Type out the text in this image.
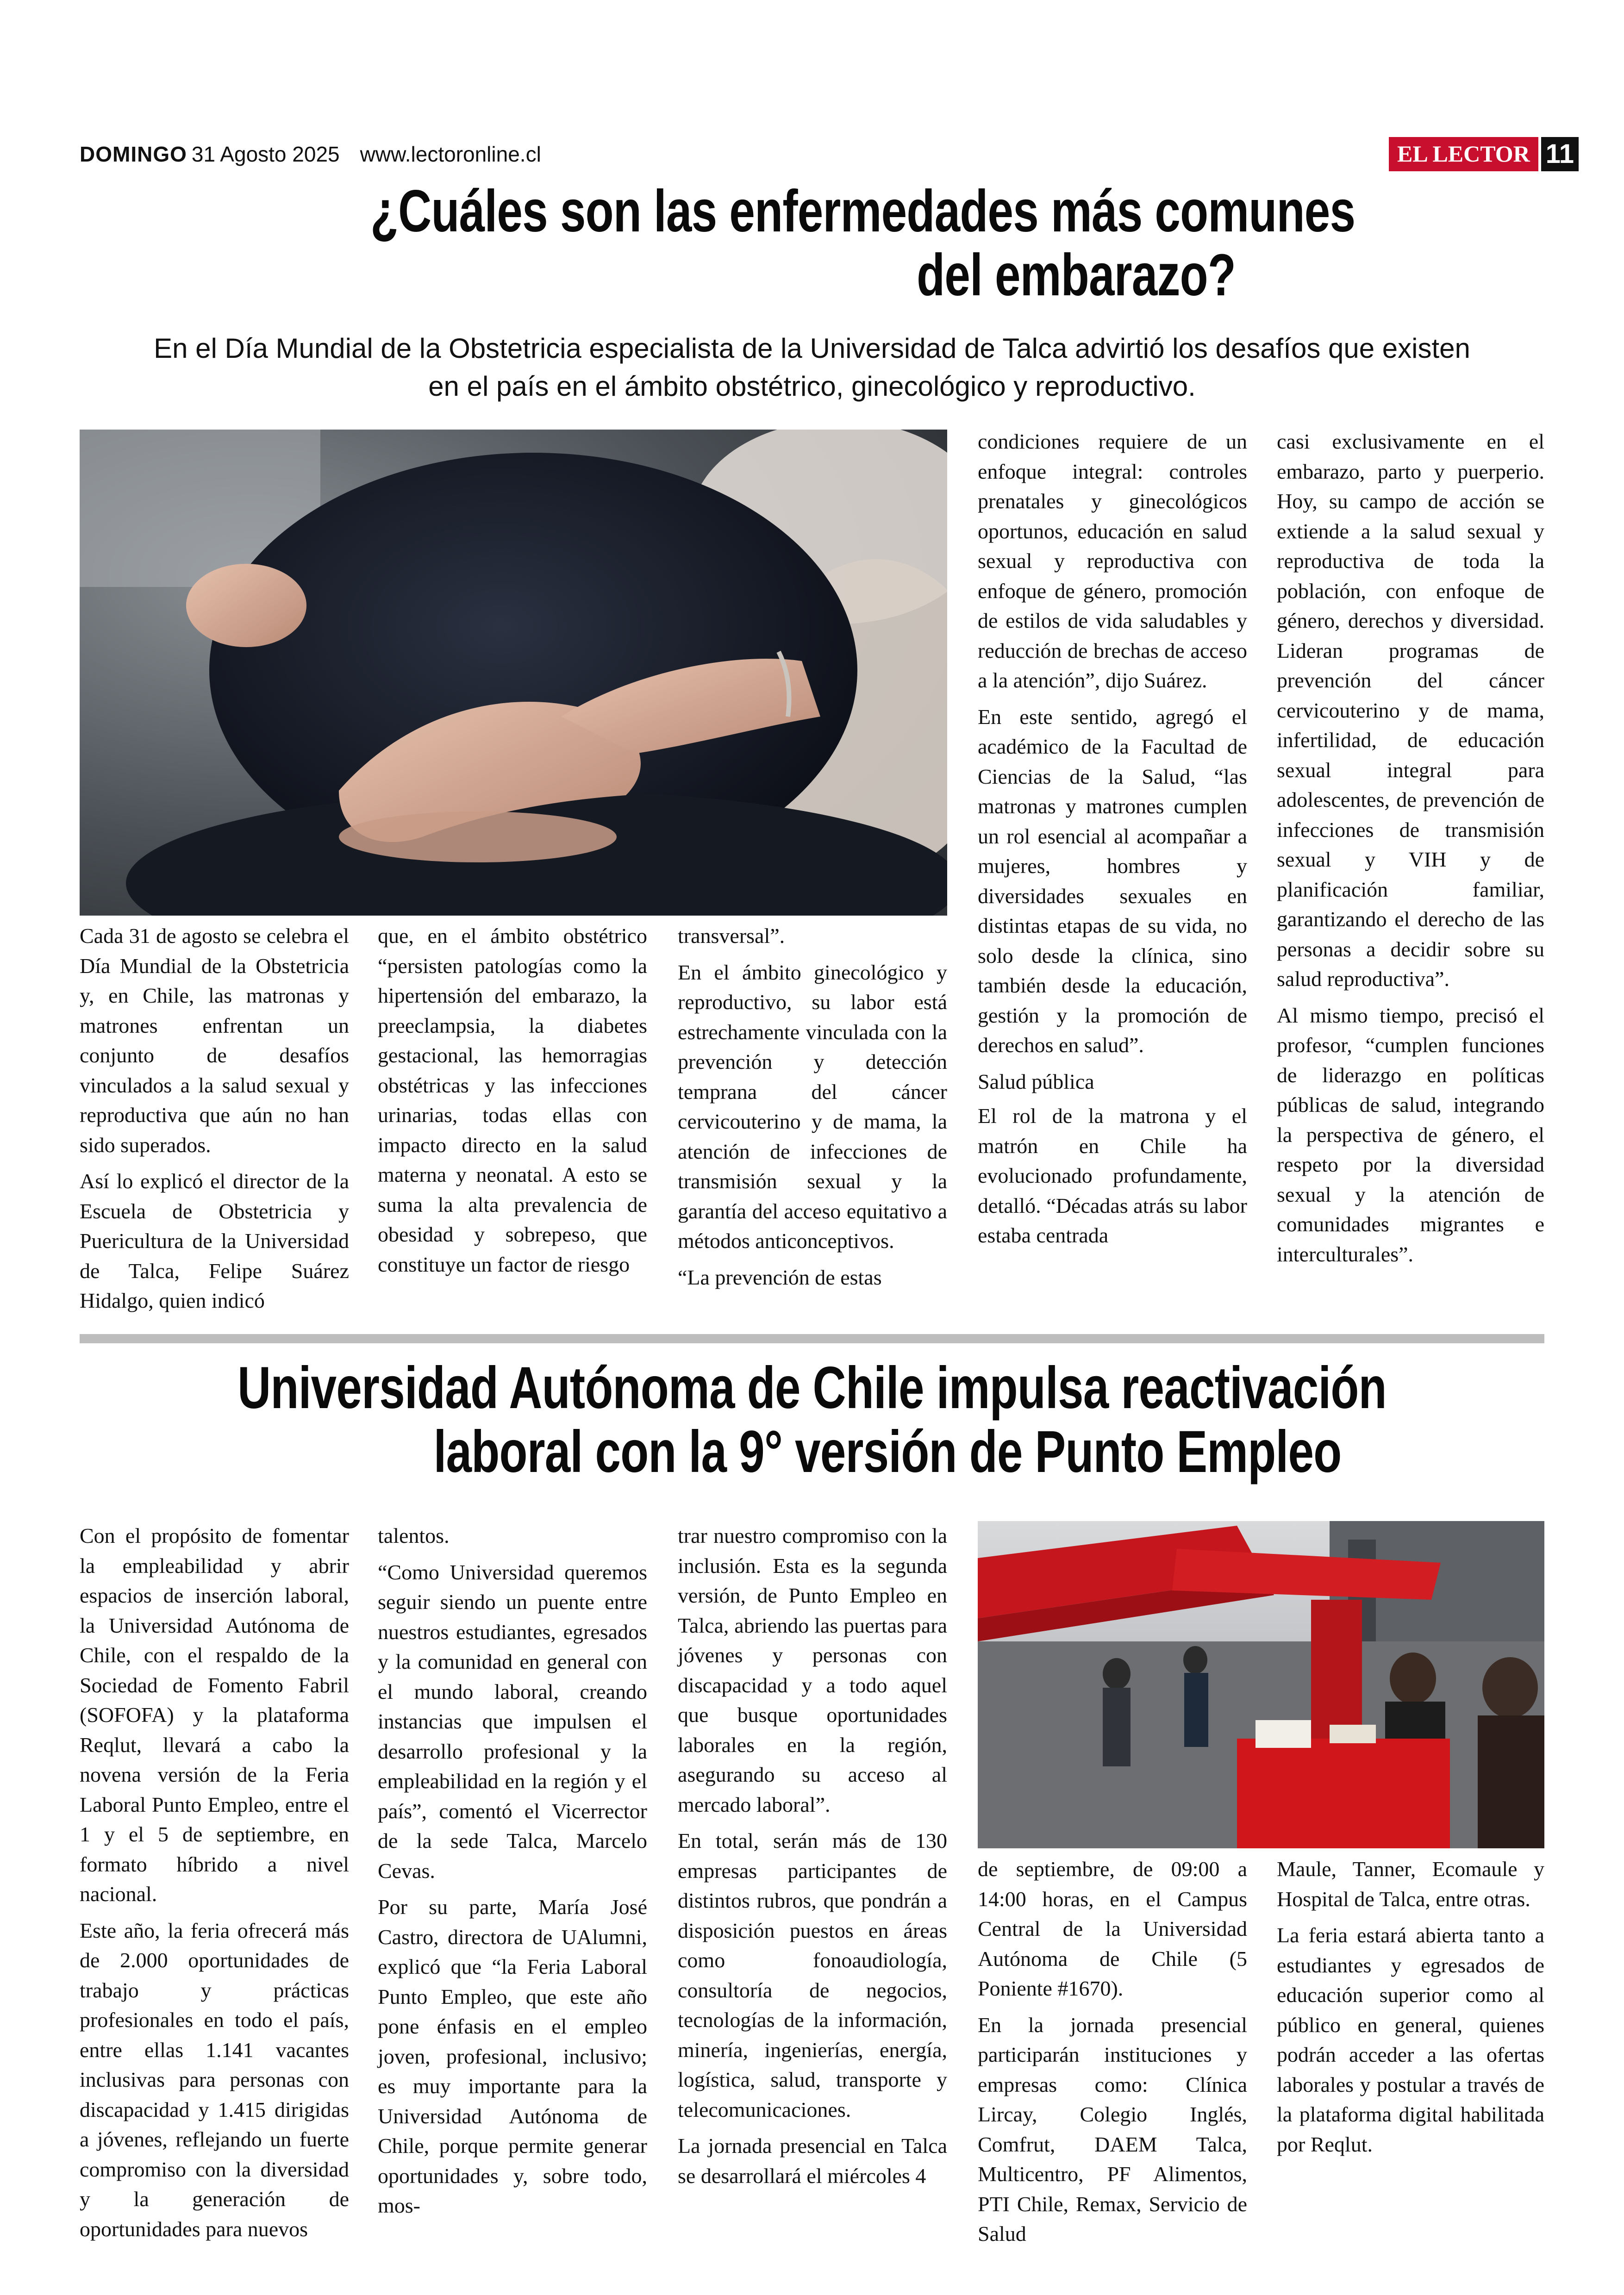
DOMINGO 31 Agosto 2025 www.lectoronline.cl	EL LECTOR 11
¿Cuáles son las enfermedades más comunes del embarazo?
En el Día Mundial de la Obstetricia especialista de la Universidad de Talca advirtió los desafíos que existen
en el país en el ámbito obstétrico, ginecológico y reproductivo.

Cada 31 de agosto se celebra el Día Mundial de la Obstetricia y, en Chile, las matronas y matrones enfrentan un conjunto de desafíos vinculados a la salud sexual y reproductiva que aún no han sido superados.

Así lo explicó el director de la Escuela de Obstetricia y Puericultura de la Universidad de Talca, Felipe Suárez Hidalgo, quien indicó

que, en el ámbito obstétrico “persisten patologías como la hipertensión del embarazo, la preeclampsia, la diabetes gestacional, las hemorragias obstétricas y las infecciones urinarias, todas ellas con impacto directo en la salud materna y neonatal. A esto se suma la alta prevalencia de obesidad y sobrepeso, que constituye un factor de riesgo

transversal”.

En el ámbito ginecológico y reproductivo, su labor está estrechamente vinculada con la prevención y detección temprana del cáncer cervicouterino y de mama, la atención de infecciones de transmisión sexual y la garantía del acceso equitativo a métodos anticonceptivos.

“La prevención de estas

condiciones requiere de un enfoque integral: controles prenatales y ginecológicos oportunos, educación en salud sexual y reproductiva con enfoque de género, promoción de estilos de vida saludables y reducción de brechas de acceso a la atención”, dijo Suárez.

En este sentido, agregó el académico de la Facultad de Ciencias de la Salud, “las matronas y matrones cumplen un rol esencial al acompañar a mujeres, hombres y diversidades sexuales en distintas etapas de su vida, no solo desde la clínica, sino también desde la educación, gestión y la promoción de derechos en salud”.

Salud pública

El rol de la matrona y el matrón en Chile ha evolucionado profundamente, detalló. “Décadas atrás su labor estaba centrada

casi exclusivamente en el embarazo, parto y puerperio. Hoy, su campo de acción se extiende a la salud sexual y reproductiva de toda la población, con enfoque de género, derechos y diversidad. Lideran programas de prevención del cáncer cervicouterino y de mama, infertilidad, de educación sexual integral para adolescentes, de prevención de infecciones de transmisión sexual y VIH y de planificación familiar, garantizando el derecho de las personas a decidir sobre su salud reproductiva”.

Al mismo tiempo, precisó el profesor, “cumplen funciones de liderazgo en políticas públicas de salud, integrando la perspectiva de género, el respeto por la diversidad sexual y la atención de comunidades migrantes e interculturales”.

Universidad Autónoma de Chile impulsa reactivación laboral con la 9° versión de Punto Empleo

Con el propósito de fomentar la empleabilidad y abrir espacios de inserción laboral, la Universidad Autónoma de Chile, con el respaldo de la Sociedad de Fomento Fabril (SOFOFA) y la plataforma Reqlut, llevará a cabo la novena versión de la Feria Laboral Punto Empleo, entre el 1 y el 5 de septiembre, en formato híbrido a nivel nacional.

Este año, la feria ofrecerá más de 2.000 oportunidades de trabajo y prácticas profesionales en todo el país, entre ellas 1.141 vacantes inclusivas para personas con discapacidad y 1.415 dirigidas a jóvenes, reflejando un fuerte compromiso con la diversidad y la generación de oportunidades para nuevos

talentos.

“Como Universidad queremos seguir siendo un puente entre nuestros estudiantes, egresados y la comunidad en general con el mundo laboral, creando instancias que impulsen el desarrollo profesional y la empleabilidad en la región y el país”, comentó el Vicerrector de la sede Talca, Marcelo Cevas.

Por su parte, María José Castro, directora de UAlumni, explicó que “la Feria Laboral Punto Empleo, que este año pone énfasis en el empleo joven, profesional, inclusivo; es muy importante para la Universidad Autónoma de Chile, porque permite generar oportunidades y, sobre todo, mos-

trar nuestro compromiso con la inclusión. Esta es la segunda versión, de Punto Empleo en Talca, abriendo las puertas para jóvenes y personas con discapacidad y a todo aquel que busque oportunidades laborales en la región, asegurando su acceso al mercado laboral”.

En total, serán más de 130 empresas participantes de distintos rubros, que pondrán a disposición puestos en áreas como fonoaudiología, consultoría de negocios, tecnologías de la información, minería, ingenierías, energía, logística, salud, transporte y telecomunicaciones.

La jornada presencial en Talca se desarrollará el miércoles 4

de septiembre, de 09:00 a 14:00 horas, en el Campus Central de la Universidad Autónoma de Chile (5 Poniente #1670).

En la jornada presencial participarán instituciones y empresas como: Clínica Lircay, Colegio Inglés, Comfrut, DAEM Talca, Multicentro, PF Alimentos, PTI Chile, Remax, Servicio de Salud

Maule, Tanner, Ecomaule y Hospital de Talca, entre otras.

La feria estará abierta tanto a estudiantes y egresados de educación superior como al público en general, quienes podrán acceder a las ofertas laborales y postular a través de la plataforma digital habilitada por Reqlut.
